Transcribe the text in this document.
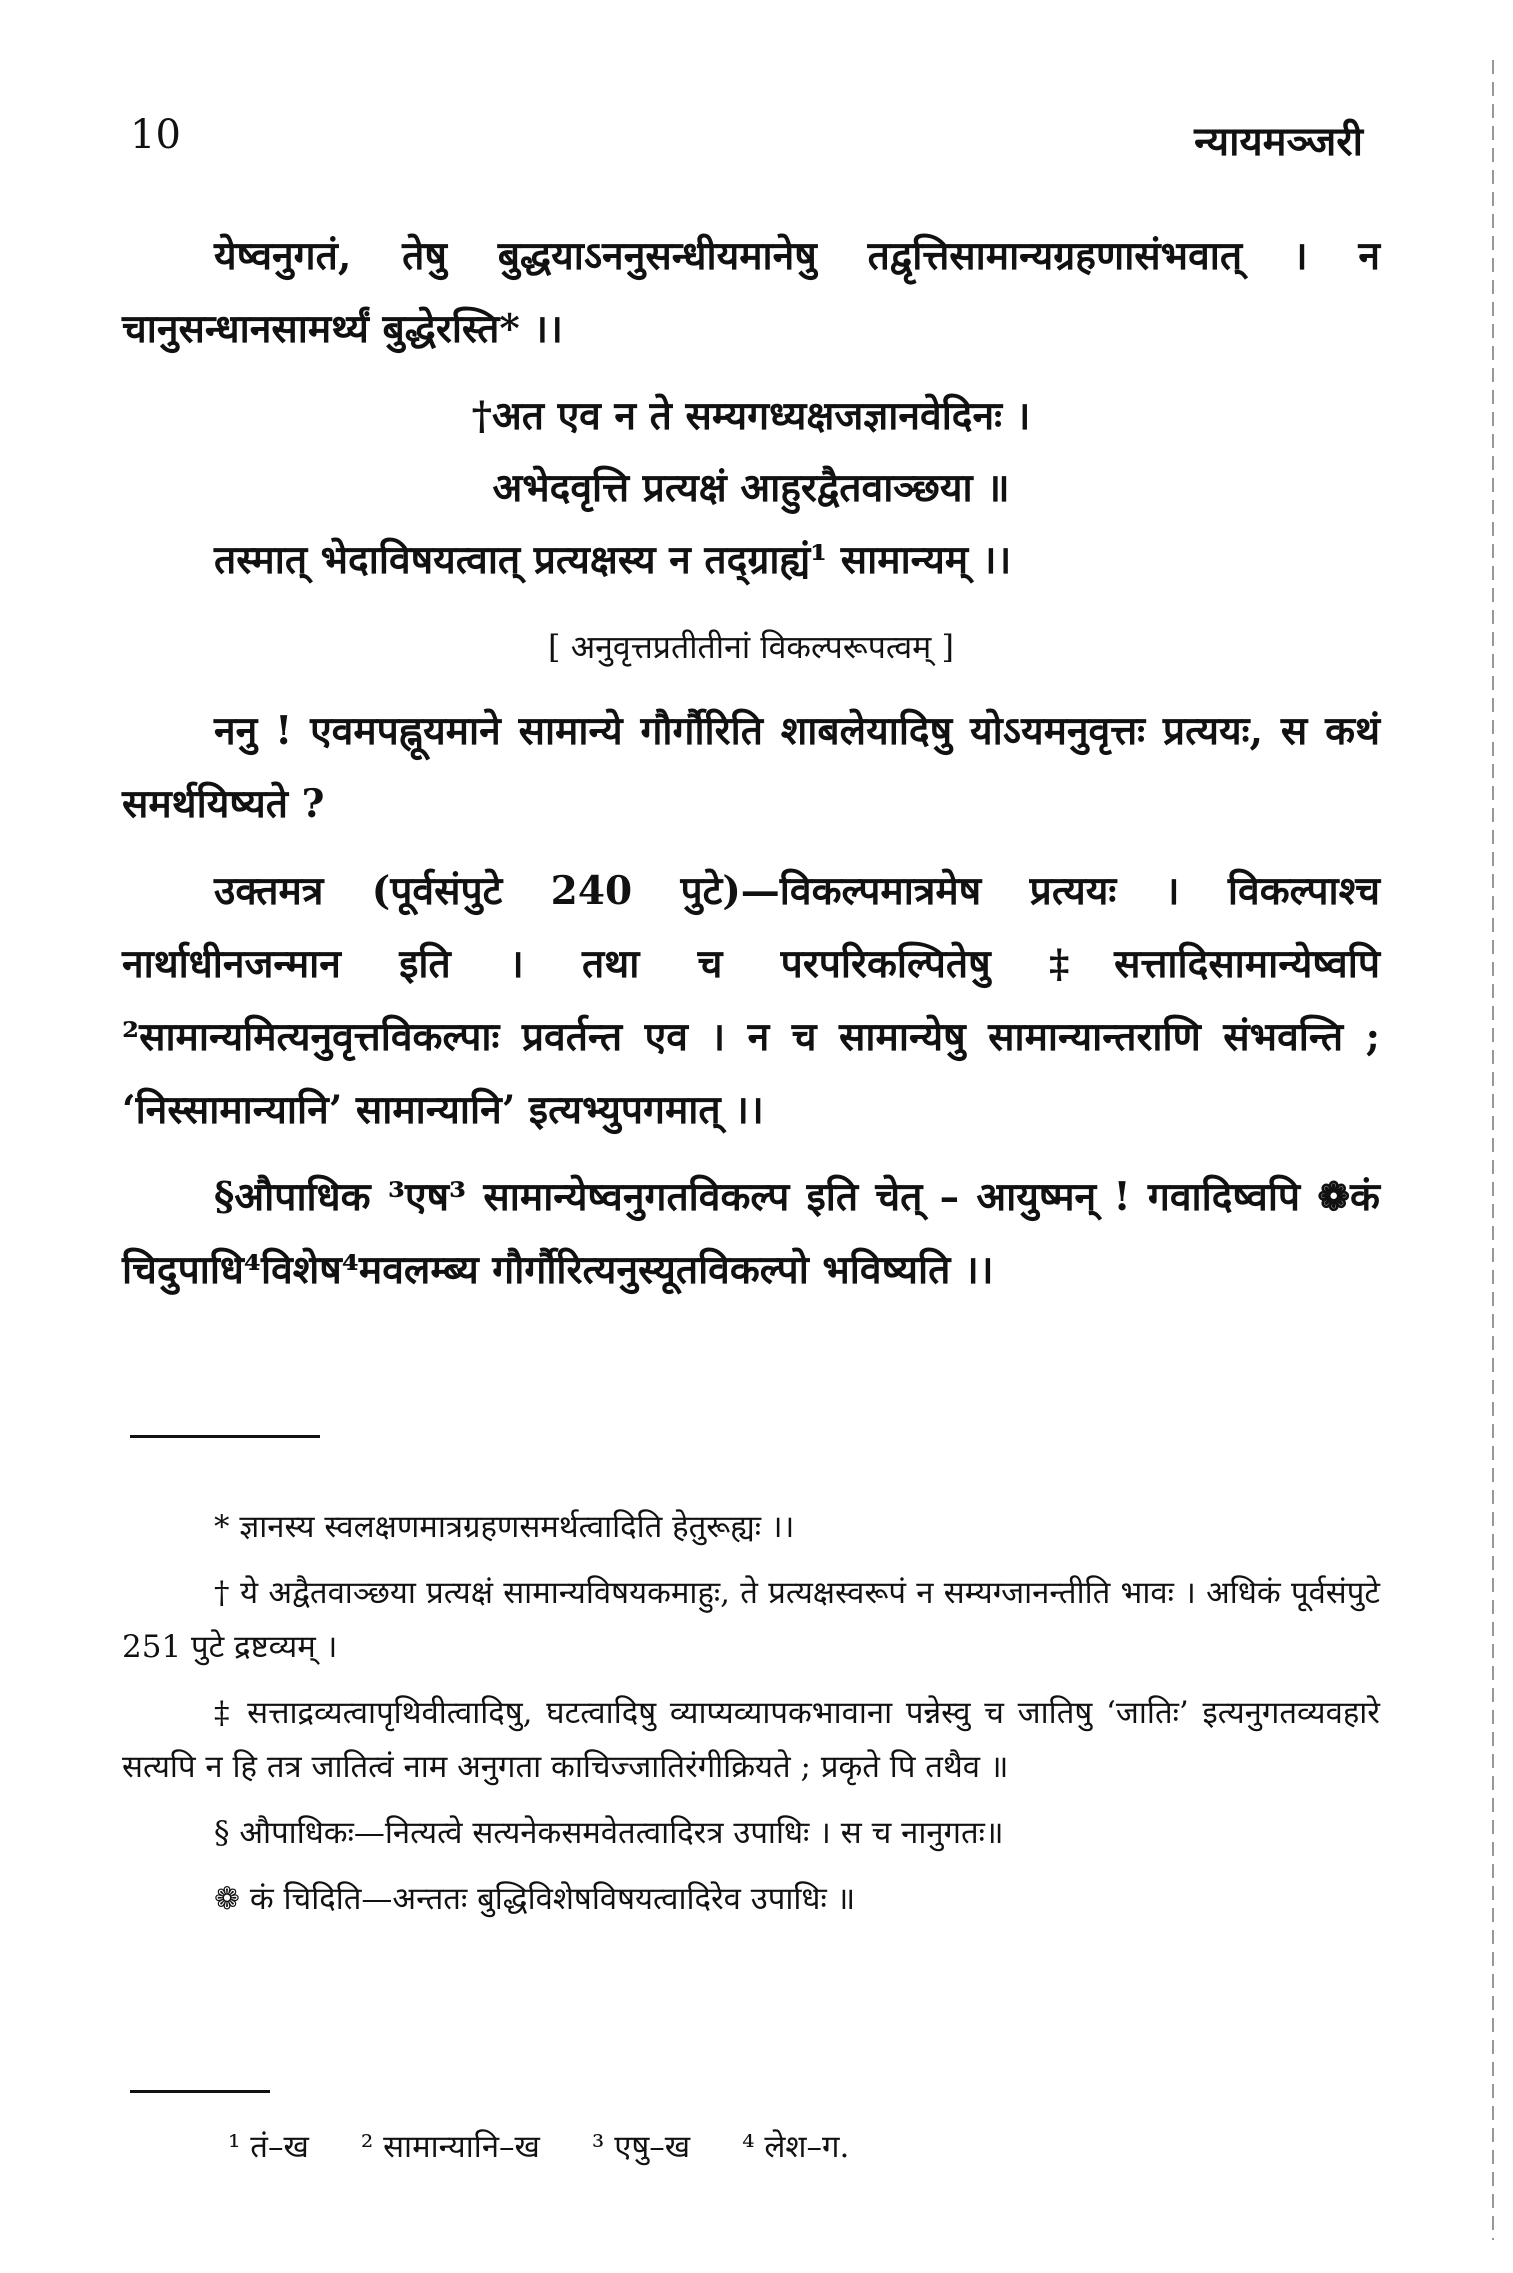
10	न्यायमञ्जरी

येष्वनुगतं, तेषु बुद्धयाऽननुसन्धीयमानेषु तद्वृत्तिसामान्यग्रहणासंभवात् । न चानुसन्धानसामर्थ्यं बुद्धेरस्ति* ।।

†अत एव न ते सम्यगध्यक्षजज्ञानवेदिनः ।

अभेदवृत्ति प्रत्यक्षं आहुरद्वैतवाञ्छया ॥

तस्मात् भेदाविषयत्वात् प्रत्यक्षस्य न तद्ग्राह्यं¹ सामान्यम् ।।

[ अनुवृत्तप्रतीतीनां विकल्परूपत्वम् ]

ननु ! एवमपह्नूयमाने सामान्ये गौर्गौरिति शाबलेयादिषु योऽयमनुवृत्तः प्रत्ययः, स कथं समर्थयिष्यते ?

उक्तमत्र (पूर्वसंपुटे 240 पुटे)—विकल्पमात्रमेष प्रत्ययः । विकल्पाश्च नार्थाधीनजन्मान इति । तथा च परपरिकल्पितेषु ‡सत्तादिसामान्येष्वपि ²सामान्यमित्यनुवृत्तविकल्पाः प्रवर्तन्त एव । न च सामान्येषु सामान्यान्तराणि संभवन्ति ; ‘निस्सामान्यानि’ सामान्यानि’ इत्यभ्युपगमात् ।।

§औपाधिक ³एष³ सामान्येष्वनुगतविकल्प इति चेत् – आयुष्मन् ! गवादिष्वपि ❁कं चिदुपाधि⁴विशेष⁴मवलम्ब्य गौर्गौरित्यनुस्यूतविकल्पो भविष्यति ।।

* ज्ञानस्य स्वलक्षणमात्रग्रहणसमर्थत्वादिति हेतुरूह्यः ।।

† ये अद्वैतवाञ्छया प्रत्यक्षं सामान्यविषयकमाहुः, ते प्रत्यक्षस्वरूपं न सम्यग्जानन्तीति भावः । अधिकं पूर्वसंपुटे 251 पुटे द्रष्टव्यम् ।

‡ सत्ताद्रव्यत्वापृथिवीत्वादिषु, घटत्वादिषु व्याप्यव्यापकभावाना पन्नेस्वु च जातिषु ‘जातिः’ इत्यनुगतव्यवहारे सत्यपि न हि तत्र जातित्वं नाम अनुगता काचिज्जातिरंगीक्रियते ; प्रकृते पि तथैव ॥

§ औपाधिकः—नित्यत्वे सत्यनेकसमवेतत्वादिरत्र उपाधिः । स च नानुगतः॥

❁ कं चिदिति—अन्ततः बुद्धिविशेषविषयत्वादिरेव उपाधिः ॥

¹ तं–ख ² सामान्यानि–ख ³ एषु–ख ⁴ लेश–ग.
